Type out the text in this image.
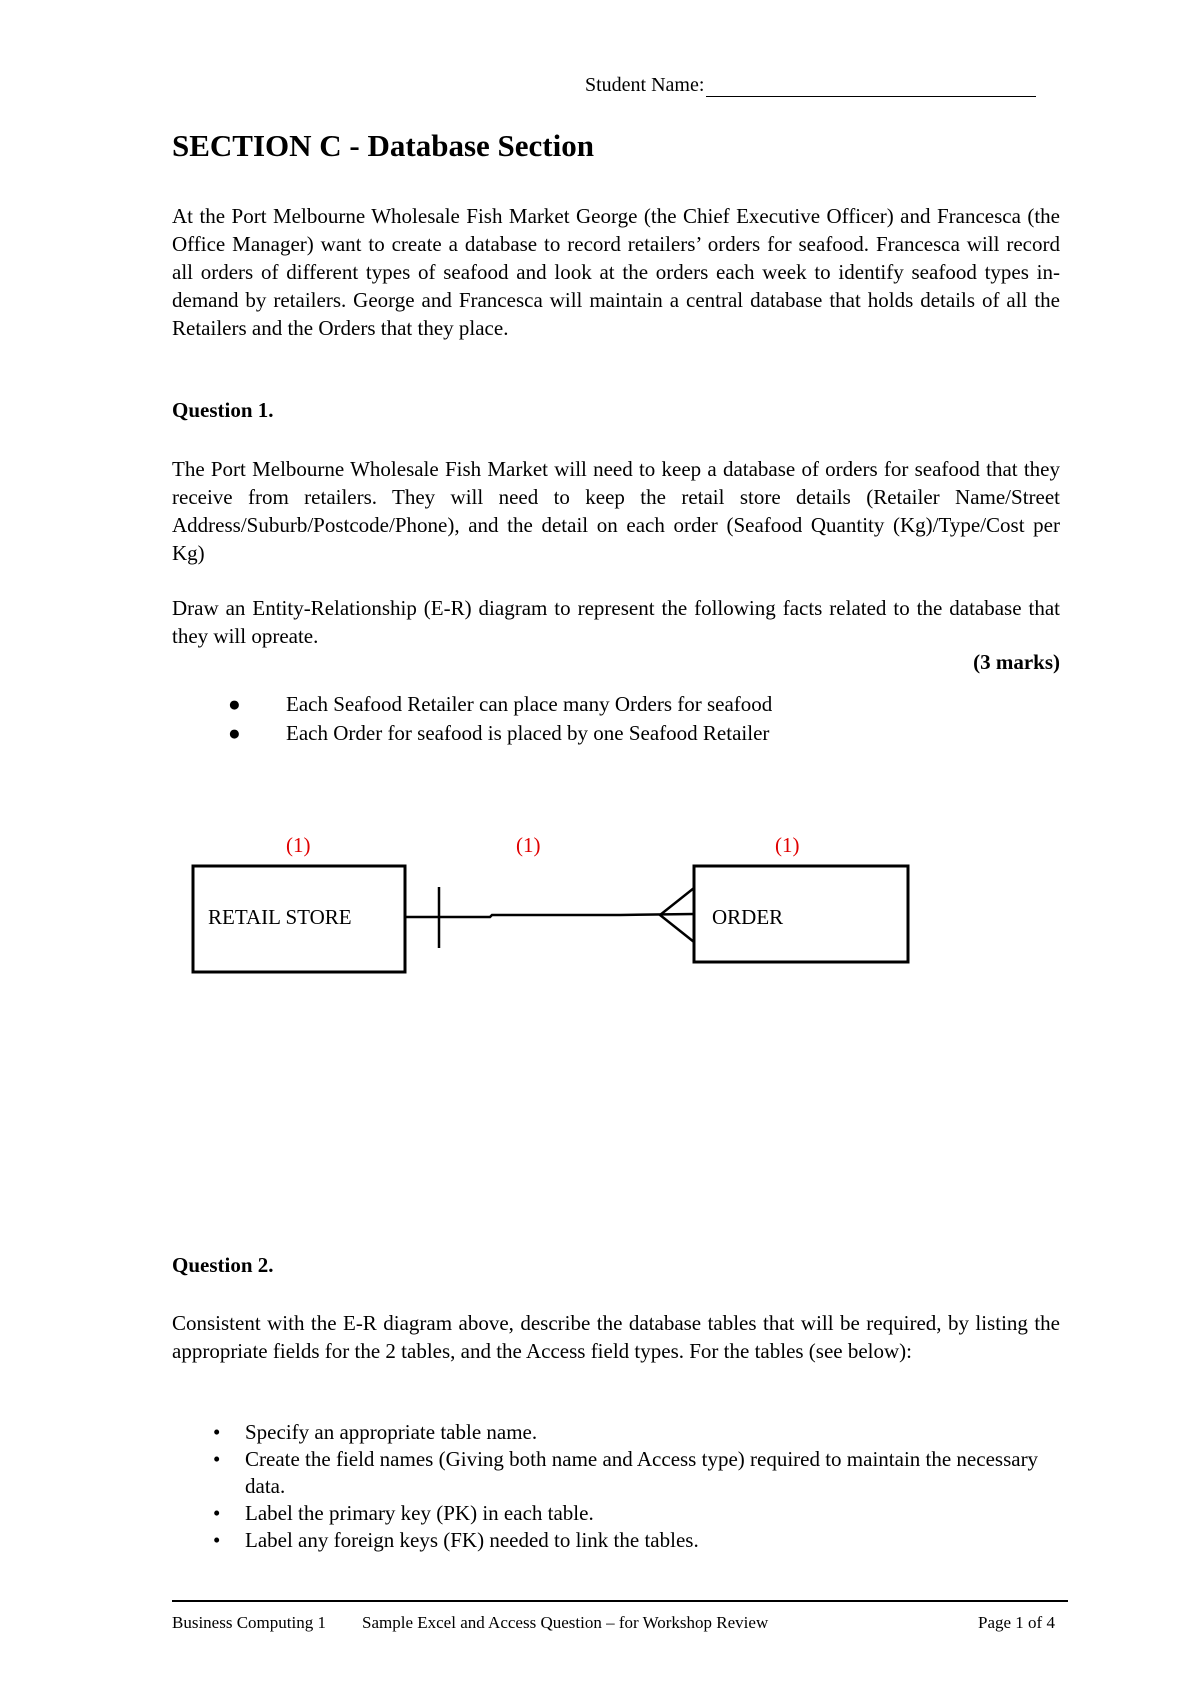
Student Name:
SECTION C - Database Section

At the Port Melbourne Wholesale Fish Market George (the Chief Executive Officer) and Francesca (the Office Manager) want to create a database to record retailers’ orders for seafood. Francesca will record all orders of different types of seafood and look at the orders each week to identify seafood types in-demand by retailers. George and Francesca will maintain a central database that holds details of all the Retailers and the Orders that they place.

Question 1.

The Port Melbourne Wholesale Fish Market will need to keep a database of orders for seafood that they receive from retailers. They will need to keep the retail store details (Retailer Name/Street Address/Suburb/Postcode/Phone), and the detail on each order (Seafood Quantity (Kg)/Type/Cost per Kg)

Draw an Entity-Relationship (E-R) diagram to represent the following facts related to the database that they will opreate.

(3 marks)
● Each Seafood Retailer can place many Orders for seafood
● Each Order for seafood is placed by one Seafood Retailer
(1)	(1)	(1)
RETAIL STORE	ORDER

Question 2.

Consistent with the E-R diagram above, describe the database tables that will be required, by listing the appropriate fields for the 2 tables, and the Access field types. For the tables (see below):

• Specify an appropriate table name.
• Create the field names (Giving both name and Access type) required to maintain the necessary data.
• Label the primary key (PK) in each table.
• Label any foreign keys (FK) needed to link the tables.
Business Computing 1 Sample Excel and Access Question – for Workshop Review	Page 1 of 4
